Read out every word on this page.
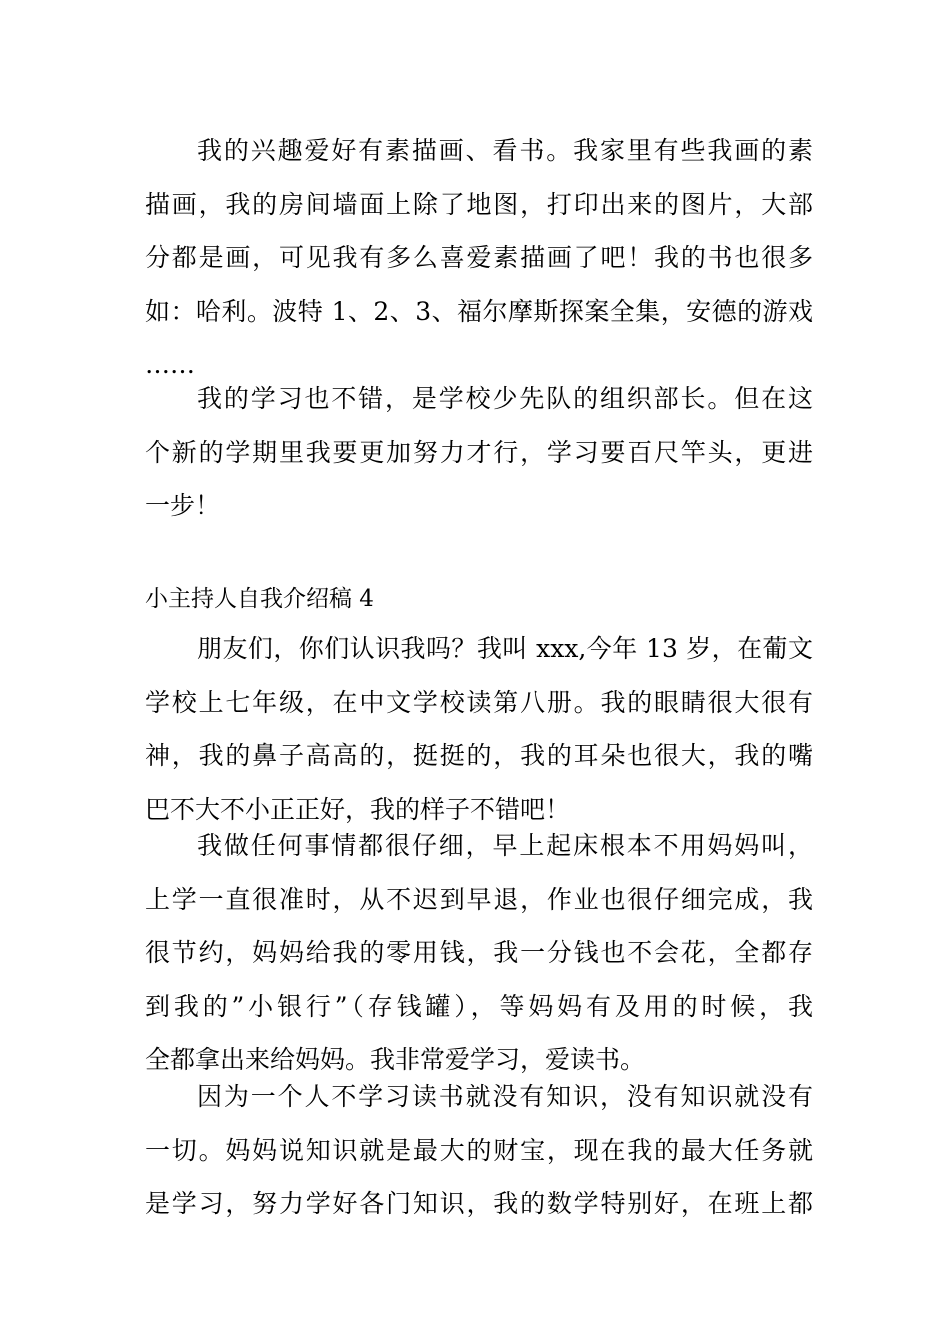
我的兴趣爱好有素描画、看书。我家里有些我画的素
描画，我的房间墙面上除了地图，打印出来的图片，大部
分都是画，可见我有多么喜爱素描画了吧！我的书也很多
如：哈利。波特 1、2、3、福尔摩斯探案全集，安德的游戏
……
我的学习也不错，是学校少先队的组织部长。但在这
个新的学期里我要更加努力才行，学习要百尺竿头，更进
一步！
小主持人自我介绍稿 4
朋友们，你们认识我吗？我叫 xxx,今年 13 岁，在葡文
学校上七年级，在中文学校读第八册。我的眼睛很大很有
神，我的鼻子高高的，挺挺的，我的耳朵也很大，我的嘴
巴不大不小正正好，我的样子不错吧！
我做任何事情都很仔细，早上起床根本不用妈妈叫，
上学一直很准时，从不迟到早退，作业也很仔细完成，我
很节约，妈妈给我的零用钱，我一分钱也不会花，全都存
到我的”小银行”（存钱罐），等妈妈有及用的时候，我
全都拿出来给妈妈。我非常爱学习，爱读书。
因为一个人不学习读书就没有知识，没有知识就没有
一切。妈妈说知识就是最大的财宝，现在我的最大任务就
是学习，努力学好各门知识，我的数学特别好，在班上都
